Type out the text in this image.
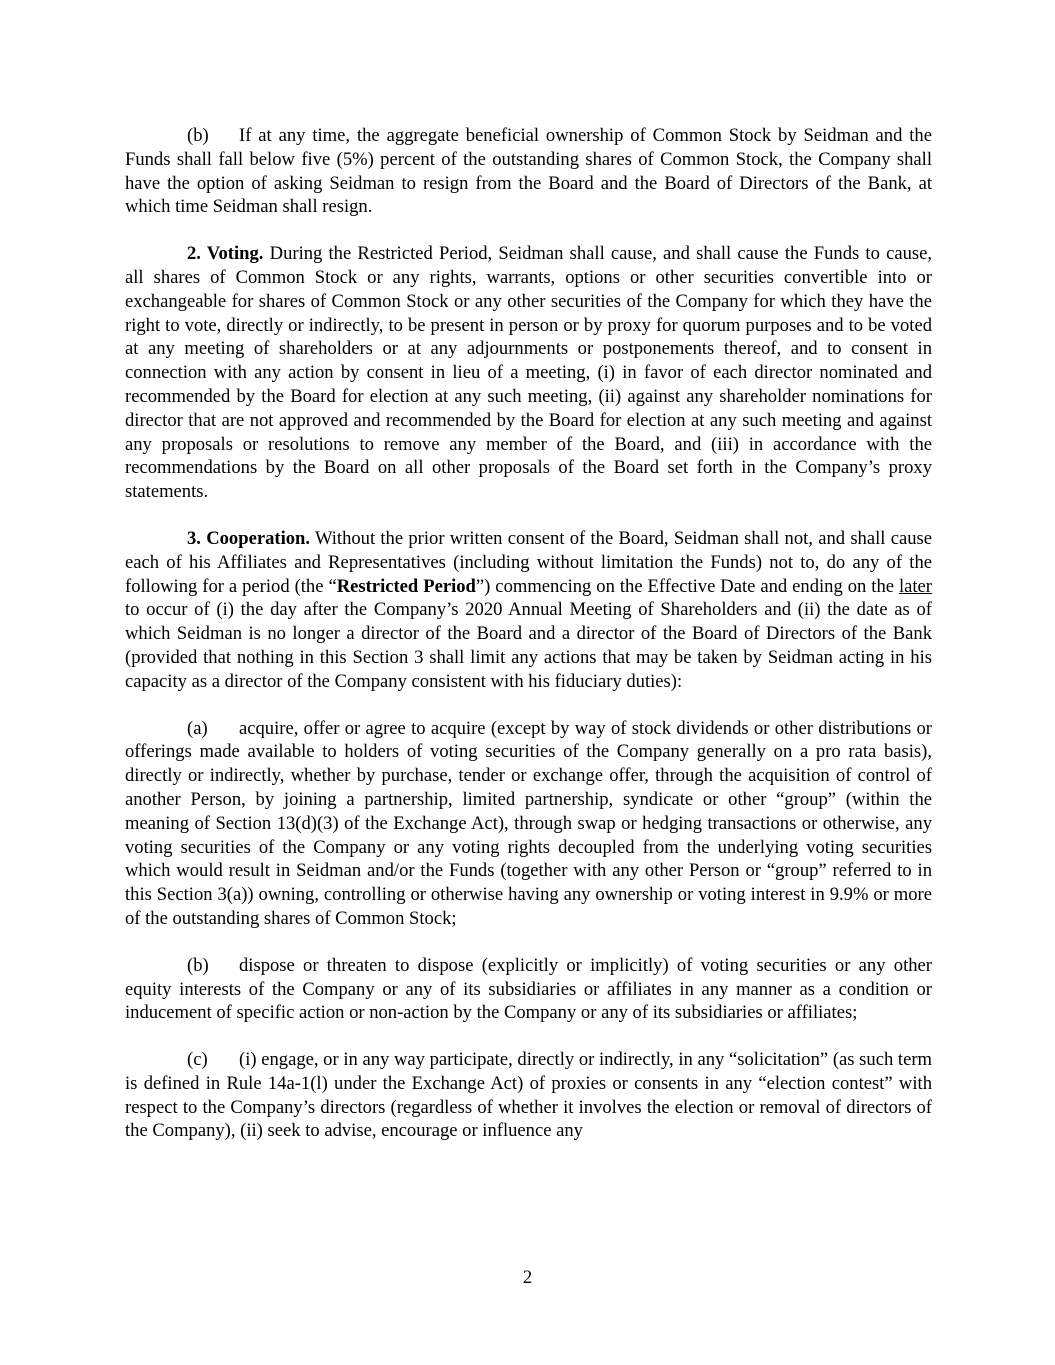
(b) If at any time, the aggregate beneficial ownership of Common Stock by Seidman and the Funds shall fall below five (5%) percent of the outstanding shares of Common Stock, the Company shall have the option of asking Seidman to resign from the Board and the Board of Directors of the Bank, at which time Seidman shall resign.

2. Voting. During the Restricted Period, Seidman shall cause, and shall cause the Funds to cause, all shares of Common Stock or any rights, warrants, options or other securities convertible into or exchangeable for shares of Common Stock or any other securities of the Company for which they have the right to vote, directly or indirectly, to be present in person or by proxy for quorum purposes and to be voted at any meeting of shareholders or at any adjournments or postponements thereof, and to consent in connection with any action by consent in lieu of a meeting, (i) in favor of each director nominated and recommended by the Board for election at any such meeting, (ii) against any shareholder nominations for director that are not approved and recommended by the Board for election at any such meeting and against any proposals or resolutions to remove any member of the Board, and (iii) in accordance with the recommendations by the Board on all other proposals of the Board set forth in the Company’s proxy statements.

3. Cooperation. Without the prior written consent of the Board, Seidman shall not, and shall cause each of his Affiliates and Representatives (including without limitation the Funds) not to, do any of the following for a period (the “Restricted Period”) commencing on the Effective Date and ending on the later to occur of (i) the day after the Company’s 2020 Annual Meeting of Shareholders and (ii) the date as of which Seidman is no longer a director of the Board and a director of the Board of Directors of the Bank (provided that nothing in this Section 3 shall limit any actions that may be taken by Seidman acting in his capacity as a director of the Company consistent with his fiduciary duties):

(a) acquire, offer or agree to acquire (except by way of stock dividends or other distributions or offerings made available to holders of voting securities of the Company generally on a pro rata basis), directly or indirectly, whether by purchase, tender or exchange offer, through the acquisition of control of another Person, by joining a partnership, limited partnership, syndicate or other “group” (within the meaning of Section 13(d)(3) of the Exchange Act), through swap or hedging transactions or otherwise, any voting securities of the Company or any voting rights decoupled from the underlying voting securities which would result in Seidman and/or the Funds (together with any other Person or “group” referred to in this Section 3(a)) owning, controlling or otherwise having any ownership or voting interest in 9.9% or more of the outstanding shares of Common Stock;

(b) dispose or threaten to dispose (explicitly or implicitly) of voting securities or any other equity interests of the Company or any of its subsidiaries or affiliates in any manner as a condition or inducement of specific action or non-action by the Company or any of its subsidiaries or affiliates;

(c) (i) engage, or in any way participate, directly or indirectly, in any “solicitation” (as such term is defined in Rule 14a-1(l) under the Exchange Act) of proxies or consents in any “election contest” with respect to the Company’s directors (regardless of whether it involves the election or removal of directors of the Company), (ii) seek to advise, encourage or influence any

2
